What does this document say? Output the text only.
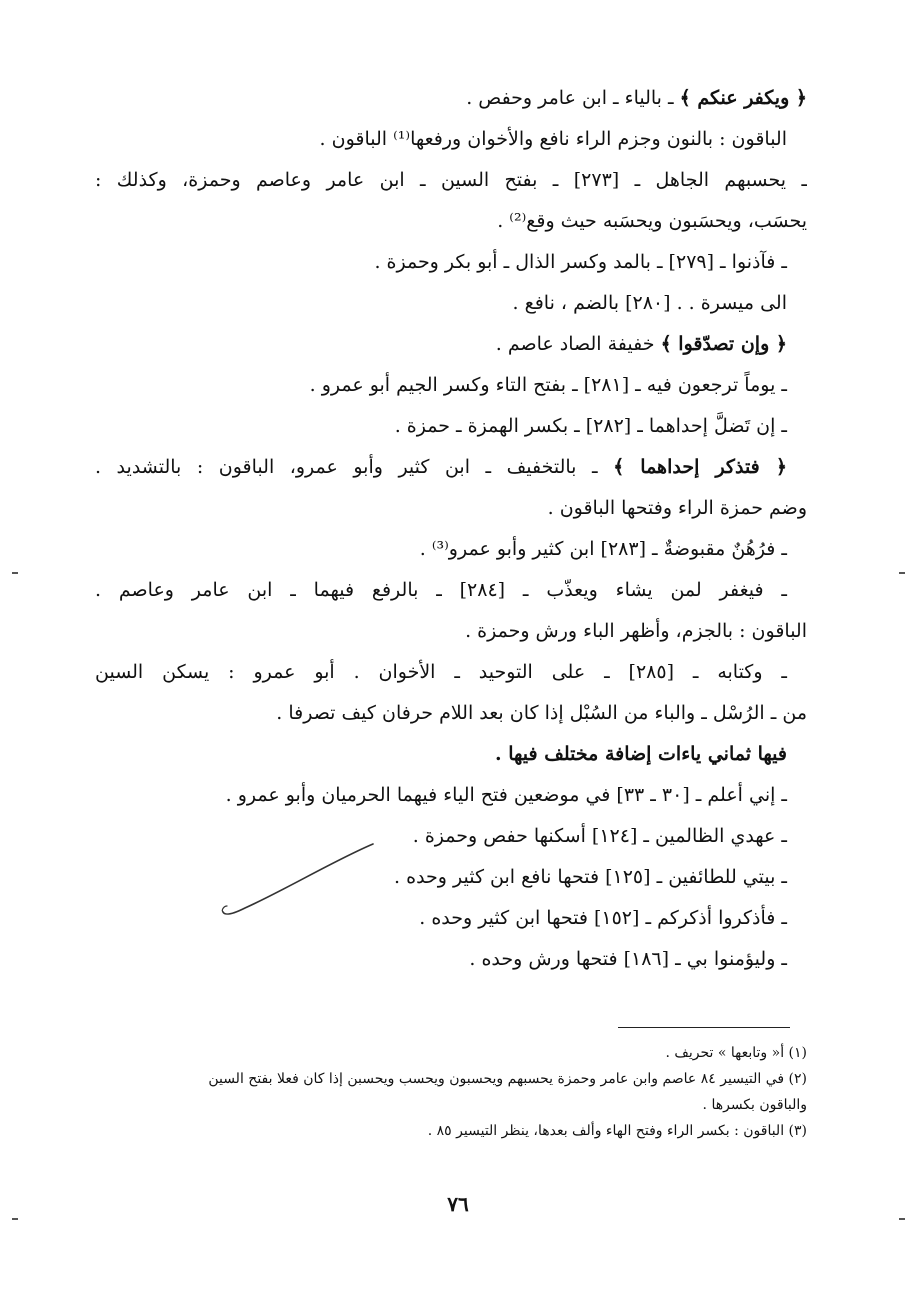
﴿ ويكفر عنكم ﴾ ـ بالياء ـ ابن عامر وحفص .
الباقون : بالنون وجزم الراء نافع والأخوان ورفعها⁽¹⁾ الباقون .
ـ يحسبهم الجاهل ـ [٢٧٣] ـ بفتح السين ـ ابن عامر وعاصم وحمزة، وكذلك :
يحسَب، ويحسَبون ويحسَبه حيث وقع⁽²⁾ .
ـ فآذنوا ـ [٢٧٩] ـ بالمد وكسر الذال ـ أبو بكر وحمزة .
الى ميسرة . . [٢٨٠] بالضم ، نافع .
﴿ وإن تصدّقوا ﴾ خفيفة الصاد عاصم .
ـ يوماً ترجعون فيه ـ [٢٨١] ـ بفتح التاء وكسر الجيم أبو عمرو .
ـ إن تَضلَّ إحداهما ـ [٢٨٢] ـ بكسر الهمزة ـ حمزة .
﴿ فتذكر إحداهما ﴾ ـ بالتخفيف ـ ابن كثير وأبو عمرو، الباقون : بالتشديد .
وضم حمزة الراء وفتحها الباقون .
ـ فرُهُنٌ مقبوضةٌ ـ [٢٨٣] ابن كثير وأبو عمرو⁽³⁾ .
ـ فيغفر لمن يشاء ويعذّب ـ [٢٨٤] ـ بالرفع فيهما ـ ابن عامر وعاصم .
الباقون : بالجزم، وأظهر الباء ورش وحمزة .
ـ وكتابه ـ [٢٨٥] ـ على التوحيد ـ الأخوان . أبو عمرو : يسكن السين
من ـ الرُسْل ـ والباء من السُبْل إذا كان بعد اللام حرفان كيف تصرفا .
فيها ثماني ياءات إضافة مختلف فيها .
ـ إني أعلم ـ [٣٠ ـ ٣٣] في موضعين فتح الياء فيهما الحرميان وأبو عمرو .
ـ عهدي الظالمين ـ [١٢٤] أسكنها حفص وحمزة .
ـ بيتي للطائفين ـ [١٢٥] فتحها نافع ابن كثير وحده .
ـ فأذكروا أذكركم ـ [١٥٢] فتحها ابن كثير وحده .
ـ وليؤمنوا بي ـ [١٨٦] فتحها ورش وحده .
(١) أ« وتابعها » تحريف .
(٢) في التيسير ٨٤ عاصم وابن عامر وحمزة يحسبهم ويحسبون ويحسب ويحسبن إذا كان فعلا بفتح السين
والباقون بكسرها .
(٣) الباقون : بكسر الراء وفتح الهاء وألف بعدها، ينظر التيسير ٨٥ .
٧٦
